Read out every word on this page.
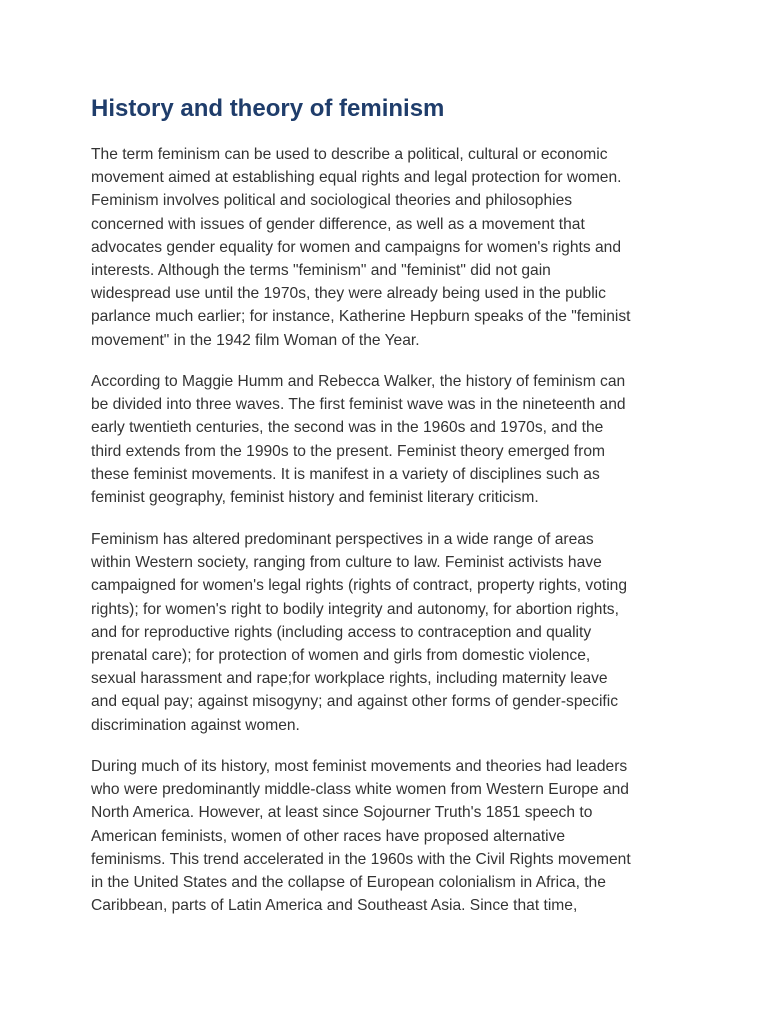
History and theory of feminism

The term feminism can be used to describe a political, cultural or economic
movement aimed at establishing equal rights and legal protection for women.
Feminism involves political and sociological theories and philosophies
concerned with issues of gender difference, as well as a movement that
advocates gender equality for women and campaigns for women's rights and
interests. Although the terms "feminism" and "feminist" did not gain
widespread use until the 1970s, they were already being used in the public
parlance much earlier; for instance, Katherine Hepburn speaks of the "feminist
movement" in the 1942 film Woman of the Year.

According to Maggie Humm and Rebecca Walker, the history of feminism can
be divided into three waves. The first feminist wave was in the nineteenth and
early twentieth centuries, the second was in the 1960s and 1970s, and the
third extends from the 1990s to the present. Feminist theory emerged from
these feminist movements. It is manifest in a variety of disciplines such as
feminist geography, feminist history and feminist literary criticism.

Feminism has altered predominant perspectives in a wide range of areas
within Western society, ranging from culture to law. Feminist activists have
campaigned for women's legal rights (rights of contract, property rights, voting
rights); for women's right to bodily integrity and autonomy, for abortion rights,
and for reproductive rights (including access to contraception and quality
prenatal care); for protection of women and girls from domestic violence,
sexual harassment and rape;for workplace rights, including maternity leave
and equal pay; against misogyny; and against other forms of gender-specific
discrimination against women.

During much of its history, most feminist movements and theories had leaders
who were predominantly middle-class white women from Western Europe and
North America. However, at least since Sojourner Truth's 1851 speech to
American feminists, women of other races have proposed alternative
feminisms. This trend accelerated in the 1960s with the Civil Rights movement
in the United States and the collapse of European colonialism in Africa, the
Caribbean, parts of Latin America and Southeast Asia. Since that time,
